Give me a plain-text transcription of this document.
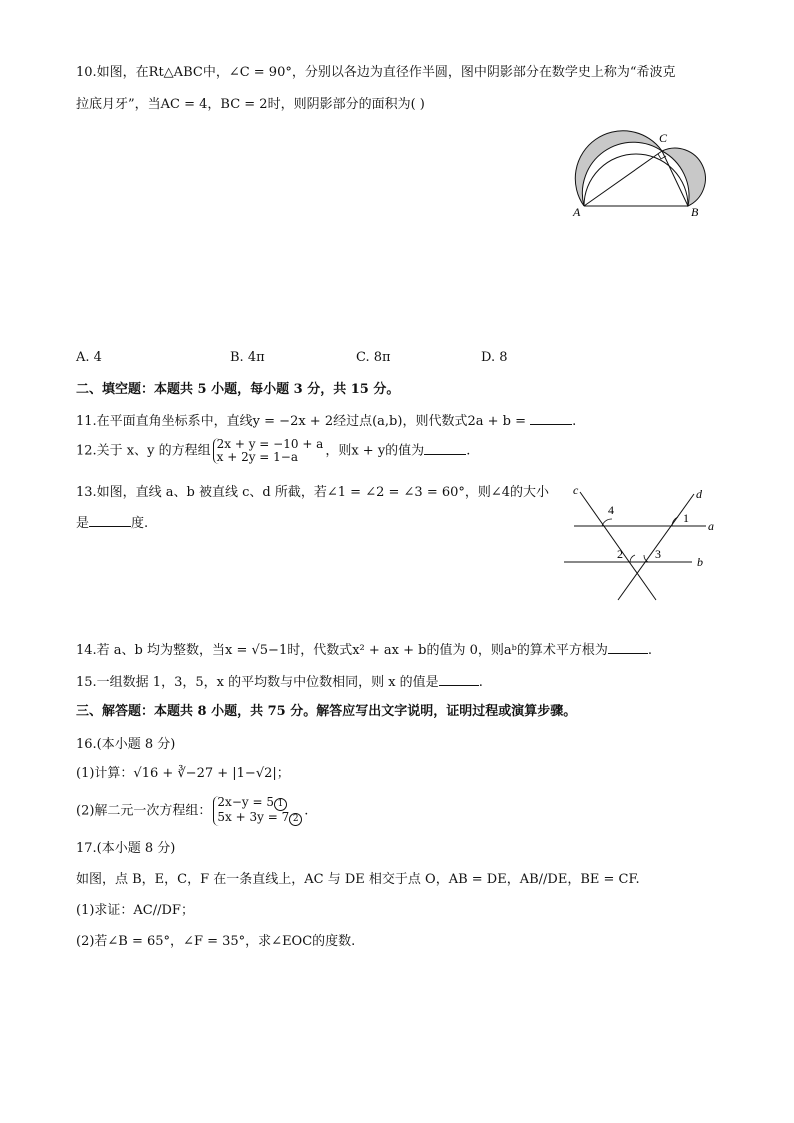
10.如图，在Rt△ABC中，∠C = 90°，分别以各边为直径作半圆，图中阴影部分在数学史上称为“希波克
拉底月牙”，当AC = 4，BC = 2时，则阴影部分的面积为( )
A	B
C
A. 4	B. 4π	C. 8π	D. 8
二、填空题：本题共 5 小题，每小题 3 分，共 15 分。
11.在平面直角坐标系中，直线y = −2x + 2经过点(a,b)，则代数式2a + b =	.
12.关于 x、y 的方程组 2x + y = −10 + a
x + 2y = 1−a	，则x + y的值为	.
13.如图，直线 a、b 被直线 c、d 所截，若∠1 = ∠2 = ∠3 = 60°，则∠4的大小
是	度.
c	d
a
b
1
2	3
4
14.若 a、b 均为整数，当x = √5−1时，代数式x² + ax + b的值为 0，则aᵇ的算术平方根为	.
15.一组数据 1，3，5，x 的平均数与中位数相同，则 x 的值是	.
三、解答题：本题共 8 小题，共 75 分。解答应写出文字说明，证明过程或演算步骤。
16.(本小题 8 分)
(1)计算：√16 + ∛−27 + |1−√2|；
(2)解二元一次方程组：
2x−y = 5 1
5x + 3y = 7 2
.
17.(本小题 8 分)
如图，点 B，E，C，F 在一条直线上，AC 与 DE 相交于点 O，AB = DE，AB//DE，BE = CF.
(1)求证：AC//DF；
(2)若∠B = 65°，∠F = 35°，求∠EOC的度数.
